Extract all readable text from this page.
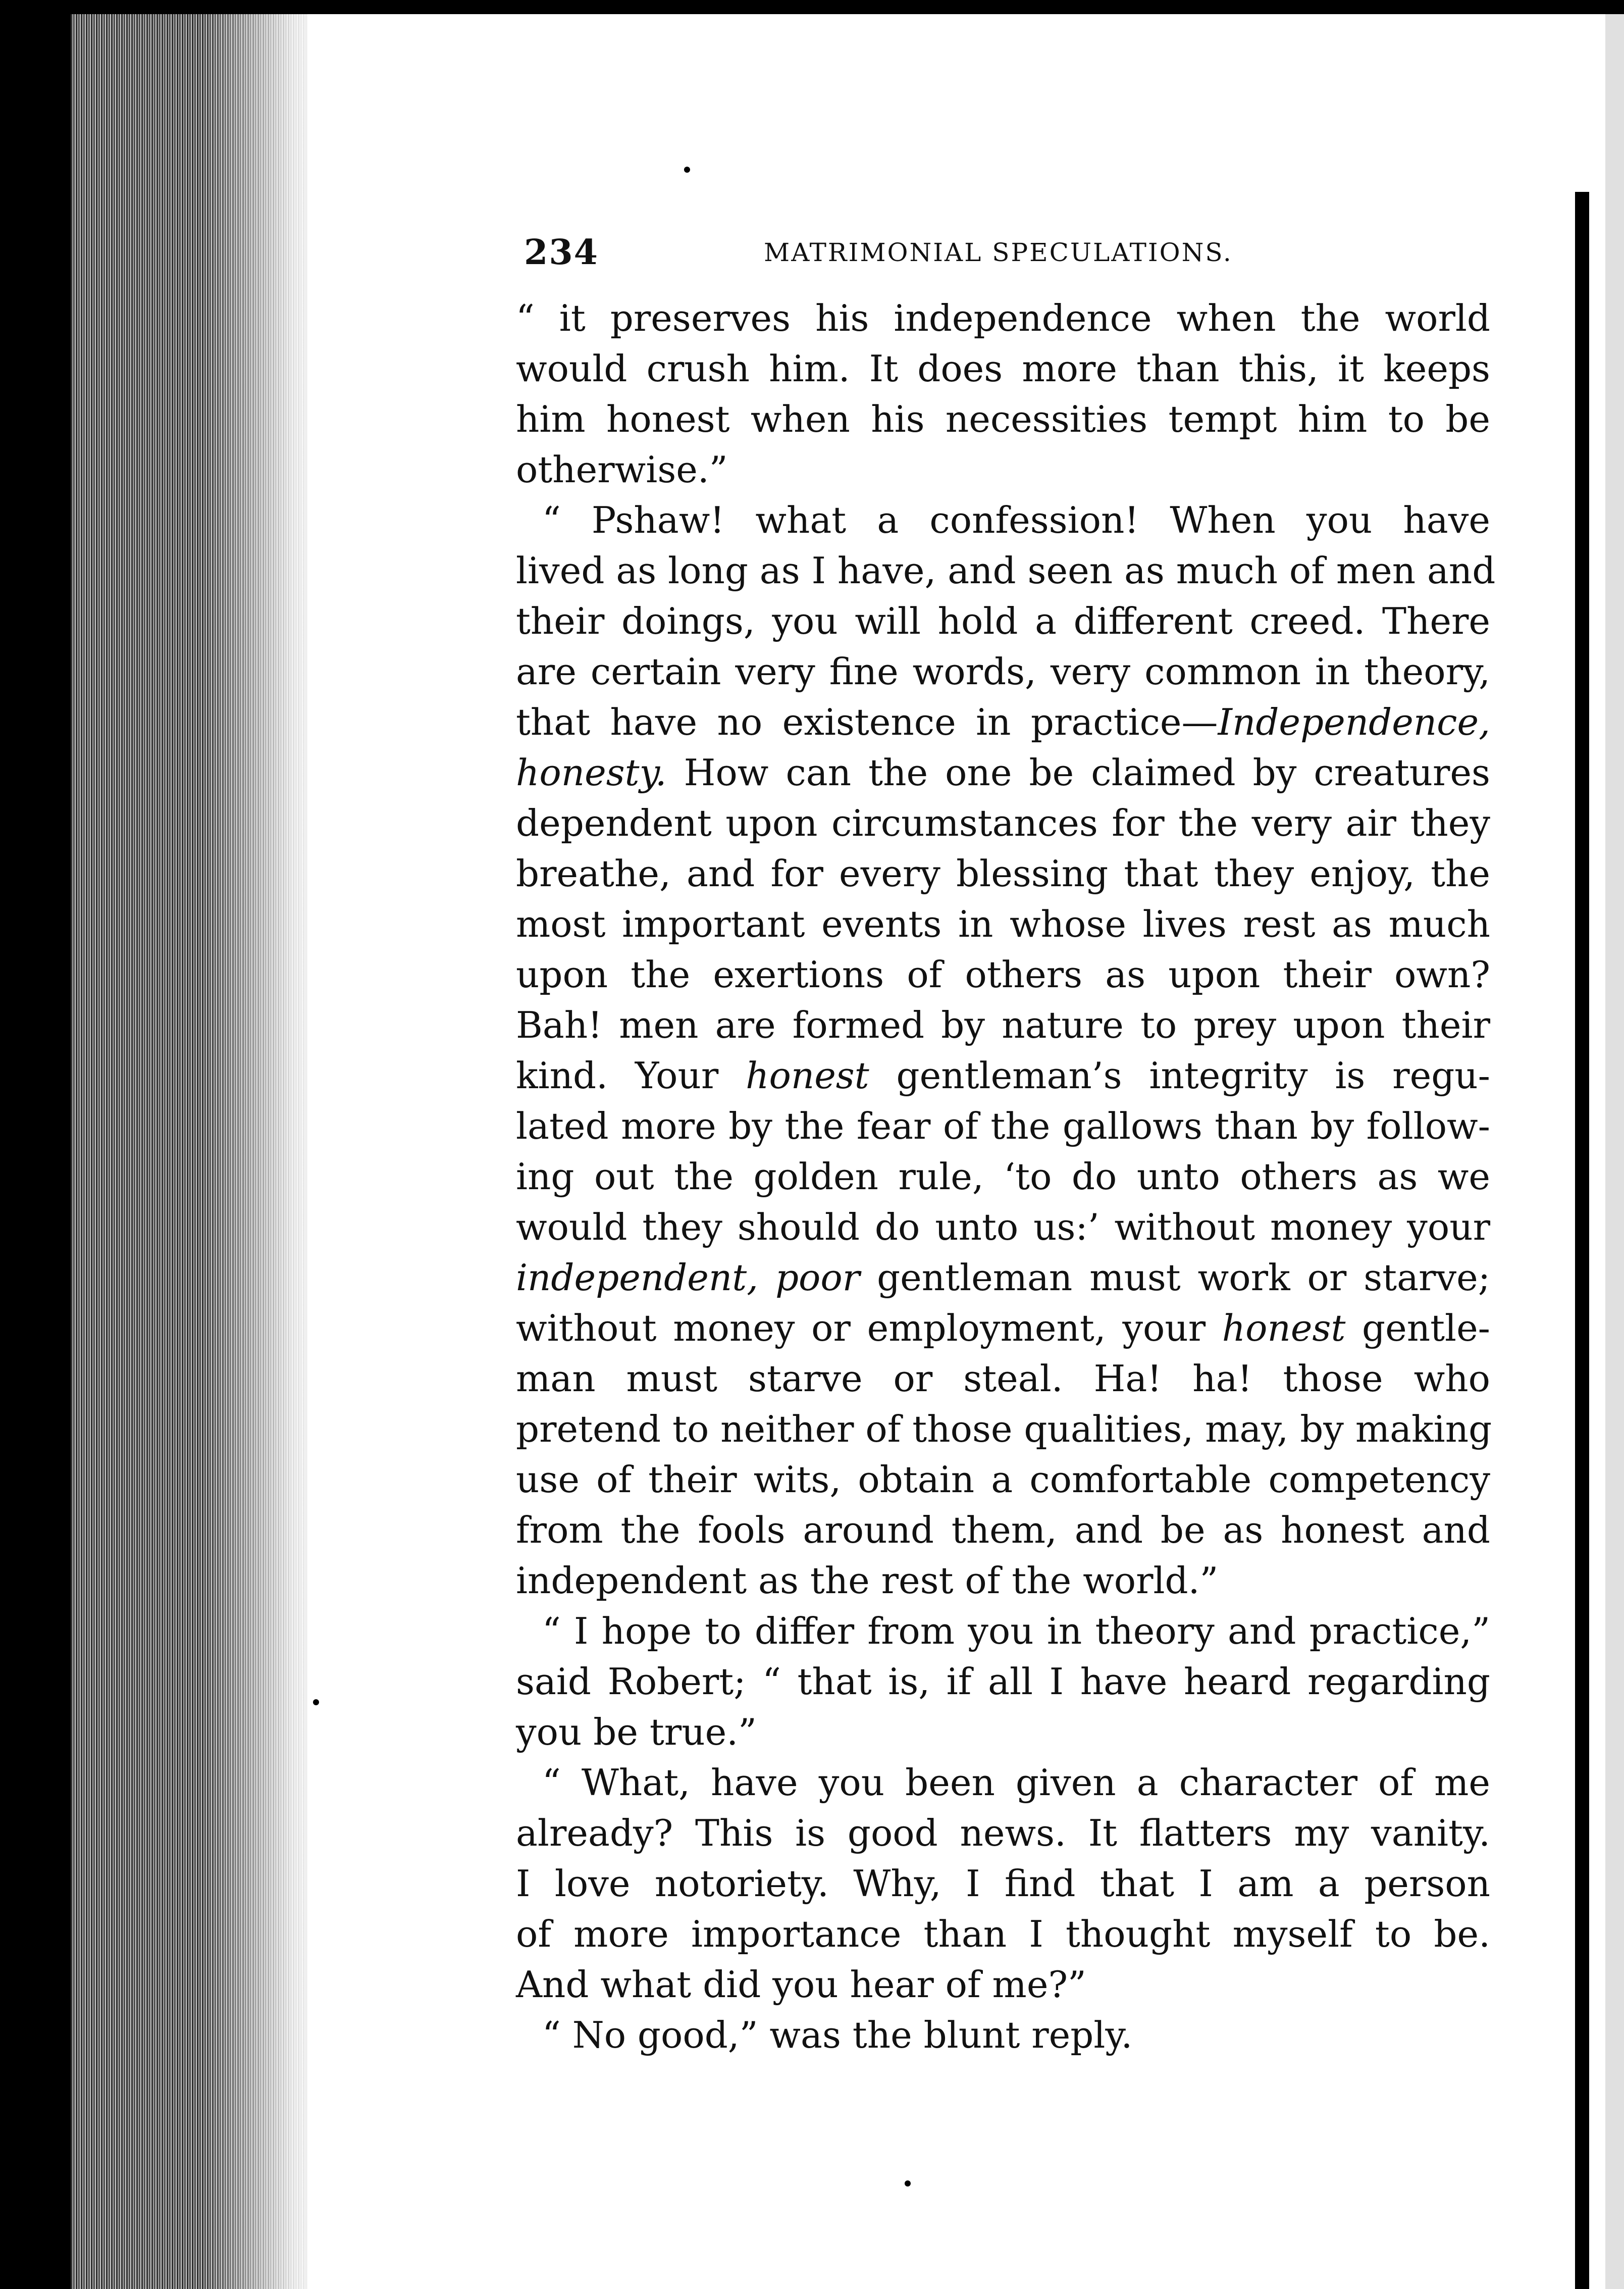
234	MATRIMONIAL SPECULATIONS.
“ it preserves his independence when the world
would crush him. It does more than this, it keeps
him honest when his necessities tempt him to be
otherwise.”
“ Pshaw! what a confession! When you have
lived as long as I have, and seen as much of men and
their doings, you will hold a different creed. There
are certain very fine words, very common in theory,
that have no existence in practice—Independence,
honesty. How can the one be claimed by creatures
dependent upon circumstances for the very air they
breathe, and for every blessing that they enjoy, the
most important events in whose lives rest as much
upon the exertions of others as upon their own?
Bah! men are formed by nature to prey upon their
kind. Your honest gentleman’s integrity is regu-
lated more by the fear of the gallows than by follow-
ing out the golden rule, ‘to do unto others as we
would they should do unto us:’ without money your
independent, poor gentleman must work or starve;
without money or employment, your honest gentle-
man must starve or steal. Ha! ha! those who
pretend to neither of those qualities, may, by making
use of their wits, obtain a comfortable competency
from the fools around them, and be as honest and
independent as the rest of the world.”
“ I hope to differ from you in theory and practice,”
said Robert; “ that is, if all I have heard regarding
you be true.”
“ What, have you been given a character of me
already? This is good news. It flatters my vanity.
I love notoriety. Why, I find that I am a person
of more importance than I thought myself to be.
And what did you hear of me?”
“ No good,” was the blunt reply.
